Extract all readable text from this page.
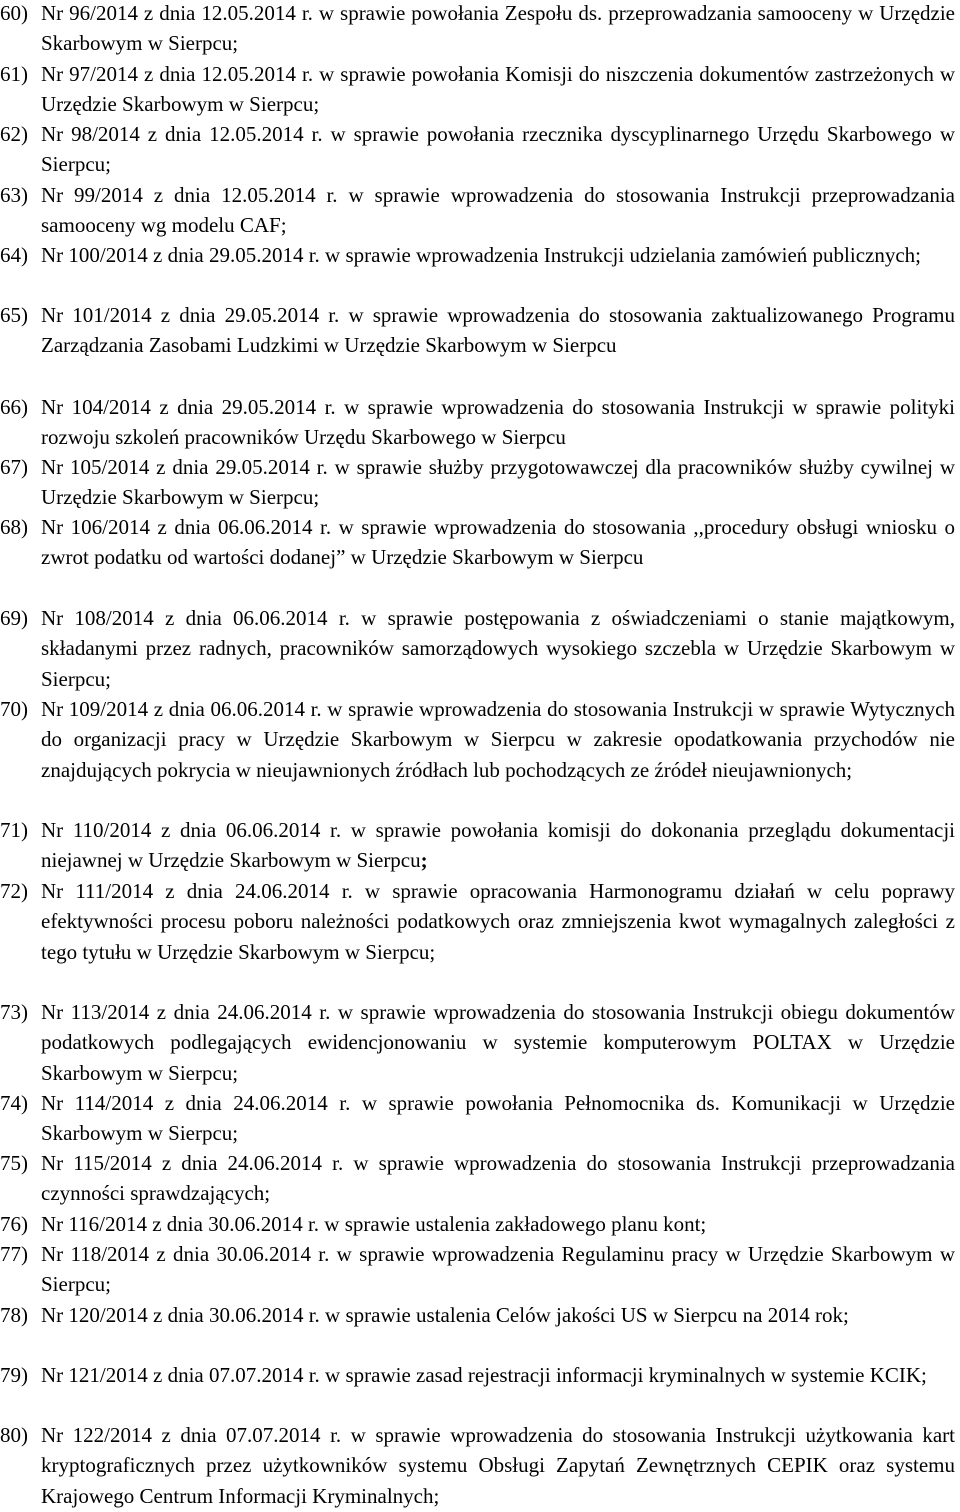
60) Nr 96/2014 z dnia 12.05.2014 r. w sprawie powołania Zespołu ds. przeprowadzania samooceny w Urzędzie Skarbowym w Sierpcu;

61) Nr 97/2014 z dnia 12.05.2014 r. w sprawie powołania Komisji do niszczenia dokumentów zastrzeżonych w Urzędzie Skarbowym w Sierpcu;

62) Nr 98/2014 z dnia 12.05.2014 r. w sprawie powołania rzecznika dyscyplinarnego Urzędu Skarbowego w Sierpcu;

63) Nr 99/2014 z dnia 12.05.2014 r. w sprawie wprowadzenia do stosowania Instrukcji przeprowadzania samooceny wg modelu CAF;

64) Nr 100/2014 z dnia 29.05.2014 r. w sprawie wprowadzenia Instrukcji udzielania zamówień publicznych;

65) Nr 101/2014 z dnia 29.05.2014 r. w sprawie wprowadzenia do stosowania zaktualizowanego Programu Zarządzania Zasobami Ludzkimi w Urzędzie Skarbowym w Sierpcu

66) Nr 104/2014 z dnia 29.05.2014 r. w sprawie wprowadzenia do stosowania Instrukcji w sprawie polityki rozwoju szkoleń pracowników Urzędu Skarbowego w Sierpcu

67) Nr 105/2014 z dnia 29.05.2014 r. w sprawie służby przygotowawczej dla pracowników służby cywilnej w Urzędzie Skarbowym w Sierpcu;

68) Nr 106/2014 z dnia 06.06.2014 r. w sprawie wprowadzenia do stosowania ,,procedury obsługi wniosku o zwrot podatku od wartości dodanej” w Urzędzie Skarbowym w Sierpcu

69) Nr 108/2014 z dnia 06.06.2014 r. w sprawie postępowania z oświadczeniami o stanie majątkowym, składanymi przez radnych, pracowników samorządowych wysokiego szczebla w Urzędzie Skarbowym w Sierpcu;

70) Nr 109/2014 z dnia 06.06.2014 r. w sprawie wprowadzenia do stosowania Instrukcji w sprawie Wytycznych do organizacji pracy w Urzędzie Skarbowym w Sierpcu w zakresie opodatkowania przychodów nie znajdujących pokrycia w nieujawnionych źródłach lub pochodzących ze źródeł nieujawnionych;

71) Nr 110/2014 z dnia 06.06.2014 r. w sprawie powołania komisji do dokonania przeglądu dokumentacji niejawnej w Urzędzie Skarbowym w Sierpcu;

72) Nr 111/2014 z dnia 24.06.2014 r. w sprawie opracowania Harmonogramu działań w celu poprawy efektywności procesu poboru należności podatkowych oraz zmniejszenia kwot wymagalnych zaległości z tego tytułu w Urzędzie Skarbowym w Sierpcu;

73) Nr 113/2014 z dnia 24.06.2014 r. w sprawie wprowadzenia do stosowania Instrukcji obiegu dokumentów podatkowych podlegających ewidencjonowaniu w systemie komputerowym POLTAX w Urzędzie Skarbowym w Sierpcu;

74) Nr 114/2014 z dnia 24.06.2014 r. w sprawie powołania Pełnomocnika ds. Komunikacji w Urzędzie Skarbowym w Sierpcu;

75) Nr 115/2014 z dnia 24.06.2014 r. w sprawie wprowadzenia do stosowania Instrukcji przeprowadzania czynności sprawdzających;

76) Nr 116/2014 z dnia 30.06.2014 r. w sprawie ustalenia zakładowego planu kont;

77) Nr 118/2014 z dnia 30.06.2014 r. w sprawie wprowadzenia Regulaminu pracy w Urzędzie Skarbowym w Sierpcu;

78) Nr 120/2014 z dnia 30.06.2014 r. w sprawie ustalenia Celów jakości US w Sierpcu na 2014 rok;

79) Nr 121/2014 z dnia 07.07.2014 r. w sprawie zasad rejestracji informacji kryminalnych w systemie KCIK;

80) Nr 122/2014 z dnia 07.07.2014 r. w sprawie wprowadzenia do stosowania Instrukcji użytkowania kart kryptograficznych przez użytkowników systemu Obsługi Zapytań Zewnętrznych CEPIK oraz systemu Krajowego Centrum Informacji Kryminalnych;
